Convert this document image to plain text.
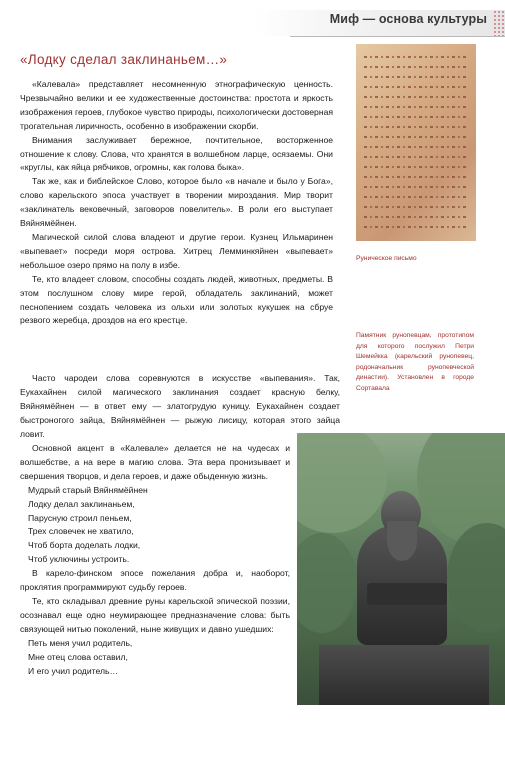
Миф — основа культуры
«Лодку сделал заклинаньем…»

«Калевала» представляет несомненную этнографическую ценность. Чрезвычайно велики и ее художественные достоинства: простота и яркость изображения героев, глубокое чувство природы, психологически достоверная трогательная лиричность, особенно в изображении скорби.

Внимания заслуживает бережное, почтительное, восторженное отношение к слову. Слова, что хранятся в волшебном ларце, осязаемы. Они «круглы, как яйца рябчиков, огромны, как голова быка».

Так же, как и библейское Слово, которое было «в начале и было у Бога», слово карельского эпоса участвует в творении мироздания. Мир творит «заклинатель вековечный, заговоров повелитель». В роли его выступает Вяйнямёйнен.

Магической силой слова владеют и другие герои. Кузнец Ильмаринен «выпевает» посреди моря острова. Хитрец Лемминкяйнен «выпевает» небольшое озеро прямо на полу в избе.

Те, кто владеет словом, способны создать людей, животных, предметы. В этом послушном слову мире герой, обладатель заклинаний, может песнопением создать человека из ольхи или золотых кукушек на сбруе резвого жеребца, дроздов на его крестце.

Часто чародеи слова соревнуются в искусстве «выпевания». Так, Еукахайнен силой магического заклинания создает красную белку, Вяйнямёйнен — в ответ ему — златогрудую куницу. Еукахайнен создает быстроногого зайца, Вяйнямёйнен — рыжую лисицу, которая этого зайца ловит.

Основной акцент в «Калевале» делается не на чудесах и волшебстве, а на вере в магию слова. Эта вера пронизывает и свершения творцов, и дела героев, и даже обыденную жизнь.

Мудрый старый Вяйнямёйнен

Лодку делал заклинаньем,

Парусную строил пеньем,

Трех словечек не хватило,

Чтоб борта доделать лодки,

Чтоб уключины устроить.

В карело-финском эпосе пожелания добра и, наоборот, проклятия программируют судьбу героев.

Те, кто складывал древние руны карельской эпической поэзии, осознавал еще одно неумирающее предназначение слова: быть связующей нитью поколений, ныне живущих и давно ушедших:

Петь меня учил родитель,

Мне отец слова оставил,

И его учил родитель…

Руническое письмо
Памятник рунопевцам, прототипом для которого послужил Петри Шемейкка (карельский рунопевец, родоначальник рунопевческой династии). Установлен в городе Сортавала
